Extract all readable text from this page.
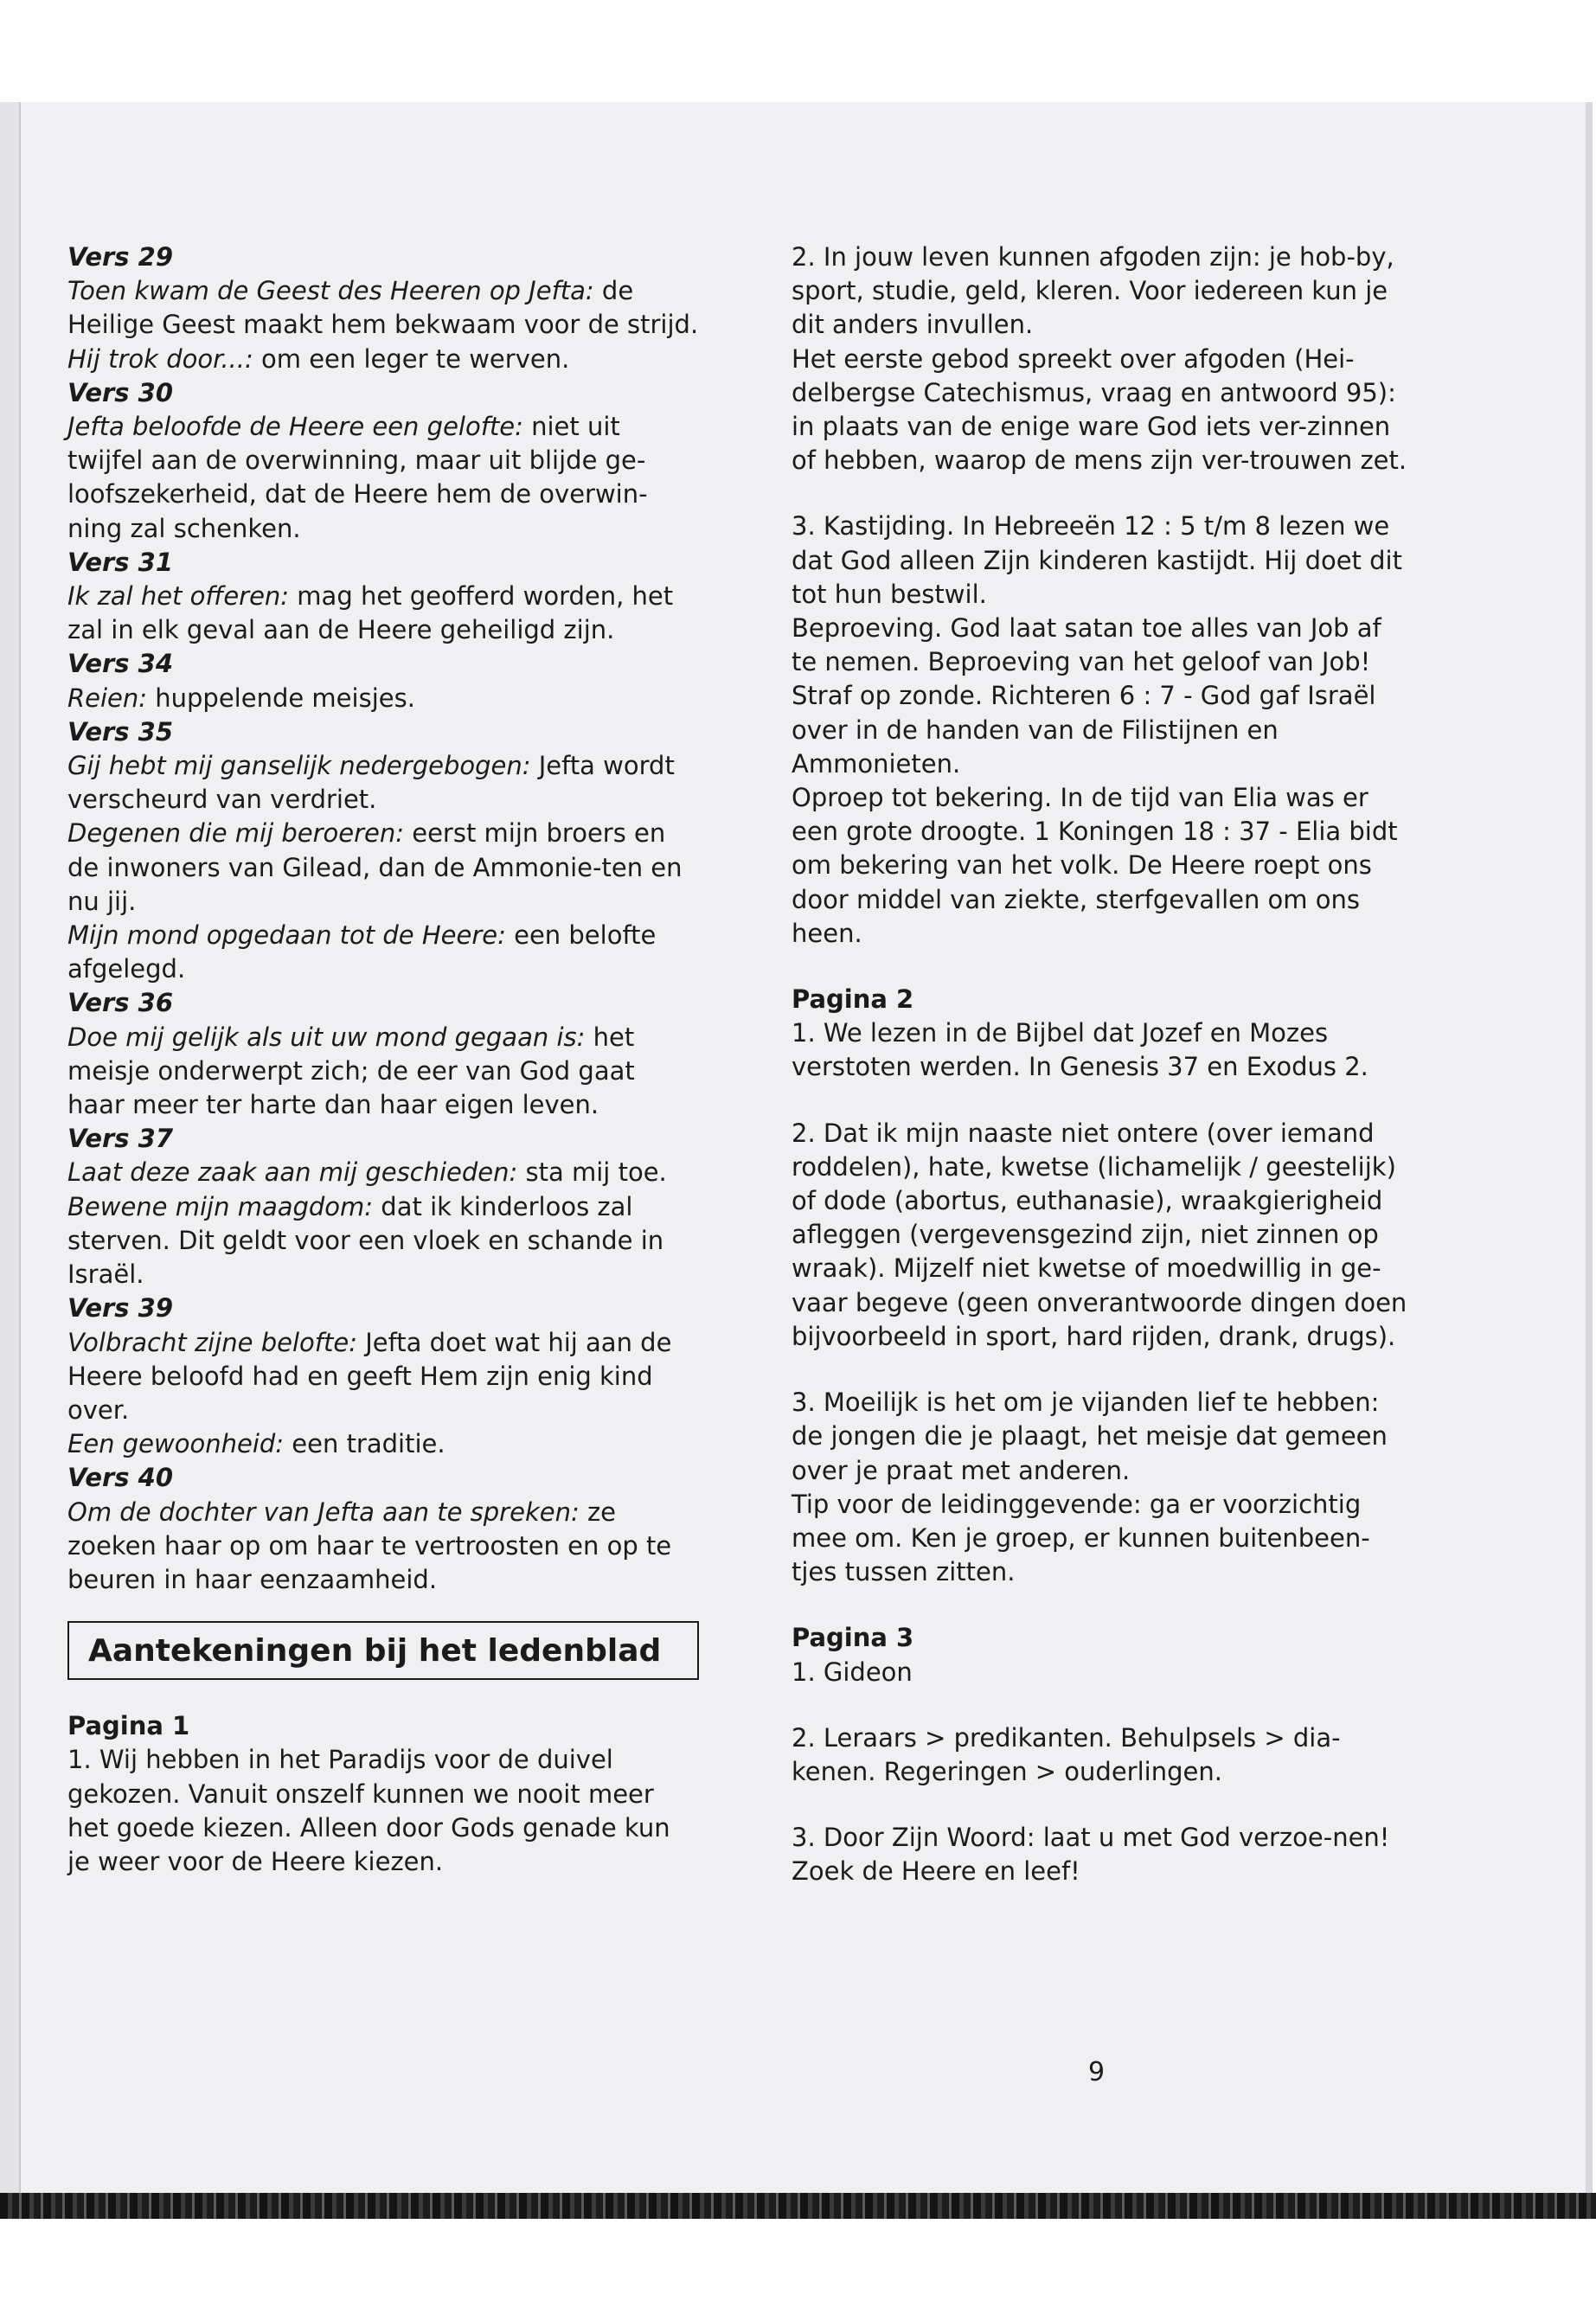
Vers 29

Toen kwam de Geest des Heeren op Jefta: de Heilige Geest maakt hem bekwaam voor de strijd.

Hij trok door...: om een leger te werven.

Vers 30

Jefta beloofde de Heere een gelofte: niet uit twijfel aan de overwinning, maar uit blijde ge-loofszekerheid, dat de Heere hem de overwin-ning zal schenken.

Vers 31

Ik zal het offeren: mag het geofferd worden, het zal in elk geval aan de Heere geheiligd zijn.

Vers 34

Reien: huppelende meisjes.

Vers 35

Gij hebt mij ganselijk nedergebogen: Jefta wordt verscheurd van verdriet.

Degenen die mij beroeren: eerst mijn broers en de inwoners van Gilead, dan de Ammonie-ten en nu jij.

Mijn mond opgedaan tot de Heere: een belofte afgelegd.

Vers 36

Doe mij gelijk als uit uw mond gegaan is: het meisje onderwerpt zich; de eer van God gaat haar meer ter harte dan haar eigen leven.

Vers 37

Laat deze zaak aan mij geschieden: sta mij toe.

Bewene mijn maagdom: dat ik kinderloos zal sterven. Dit geldt voor een vloek en schande in Israël.

Vers 39

Volbracht zijne belofte: Jefta doet wat hij aan de Heere beloofd had en geeft Hem zijn enig kind over.

Een gewoonheid: een traditie.

Vers 40

Om de dochter van Jefta aan te spreken: ze zoeken haar op om haar te vertroosten en op te beuren in haar eenzaamheid.

Aantekeningen bij het ledenblad

Pagina 1

1. Wij hebben in het Paradijs voor de duivel gekozen. Vanuit onszelf kunnen we nooit meer het goede kiezen. Alleen door Gods genade kun je weer voor de Heere kiezen.

2. In jouw leven kunnen afgoden zijn: je hob-by, sport, studie, geld, kleren. Voor iedereen kun je dit anders invullen.

Het eerste gebod spreekt over afgoden (Hei-delbergse Catechismus, vraag en antwoord 95): in plaats van de enige ware God iets ver-zinnen of hebben, waarop de mens zijn ver-trouwen zet.

3. Kastijding. In Hebreeën 12 : 5 t/m 8 lezen we dat God alleen Zijn kinderen kastijdt. Hij doet dit tot hun bestwil.

Beproeving. God laat satan toe alles van Job af te nemen. Beproeving van het geloof van Job!

Straf op zonde. Richteren 6 : 7 - God gaf Israël over in de handen van de Filistijnen en Ammonieten.

Oproep tot bekering. In de tijd van Elia was er een grote droogte. 1 Koningen 18 : 37 - Elia bidt om bekering van het volk. De Heere roept ons door middel van ziekte, sterfgevallen om ons heen.

Pagina 2

1. We lezen in de Bijbel dat Jozef en Mozes verstoten werden. In Genesis 37 en Exodus 2.

2. Dat ik mijn naaste niet ontere (over iemand roddelen), hate, kwetse (lichamelijk / geestelijk) of dode (abortus, euthanasie), wraakgierigheid afleggen (vergevensgezind zijn, niet zinnen op wraak). Mijzelf niet kwetse of moedwillig in ge-vaar begeve (geen onverantwoorde dingen doen bijvoorbeeld in sport, hard rijden, drank, drugs).

3. Moeilijk is het om je vijanden lief te hebben: de jongen die je plaagt, het meisje dat gemeen over je praat met anderen.

Tip voor de leidinggevende: ga er voorzichtig mee om. Ken je groep, er kunnen buitenbeen-tjes tussen zitten.

Pagina 3

1. Gideon

2. Leraars > predikanten. Behulpsels > dia-kenen. Regeringen > ouderlingen.

3. Door Zijn Woord: laat u met God verzoe-nen! Zoek de Heere en leef!

9
